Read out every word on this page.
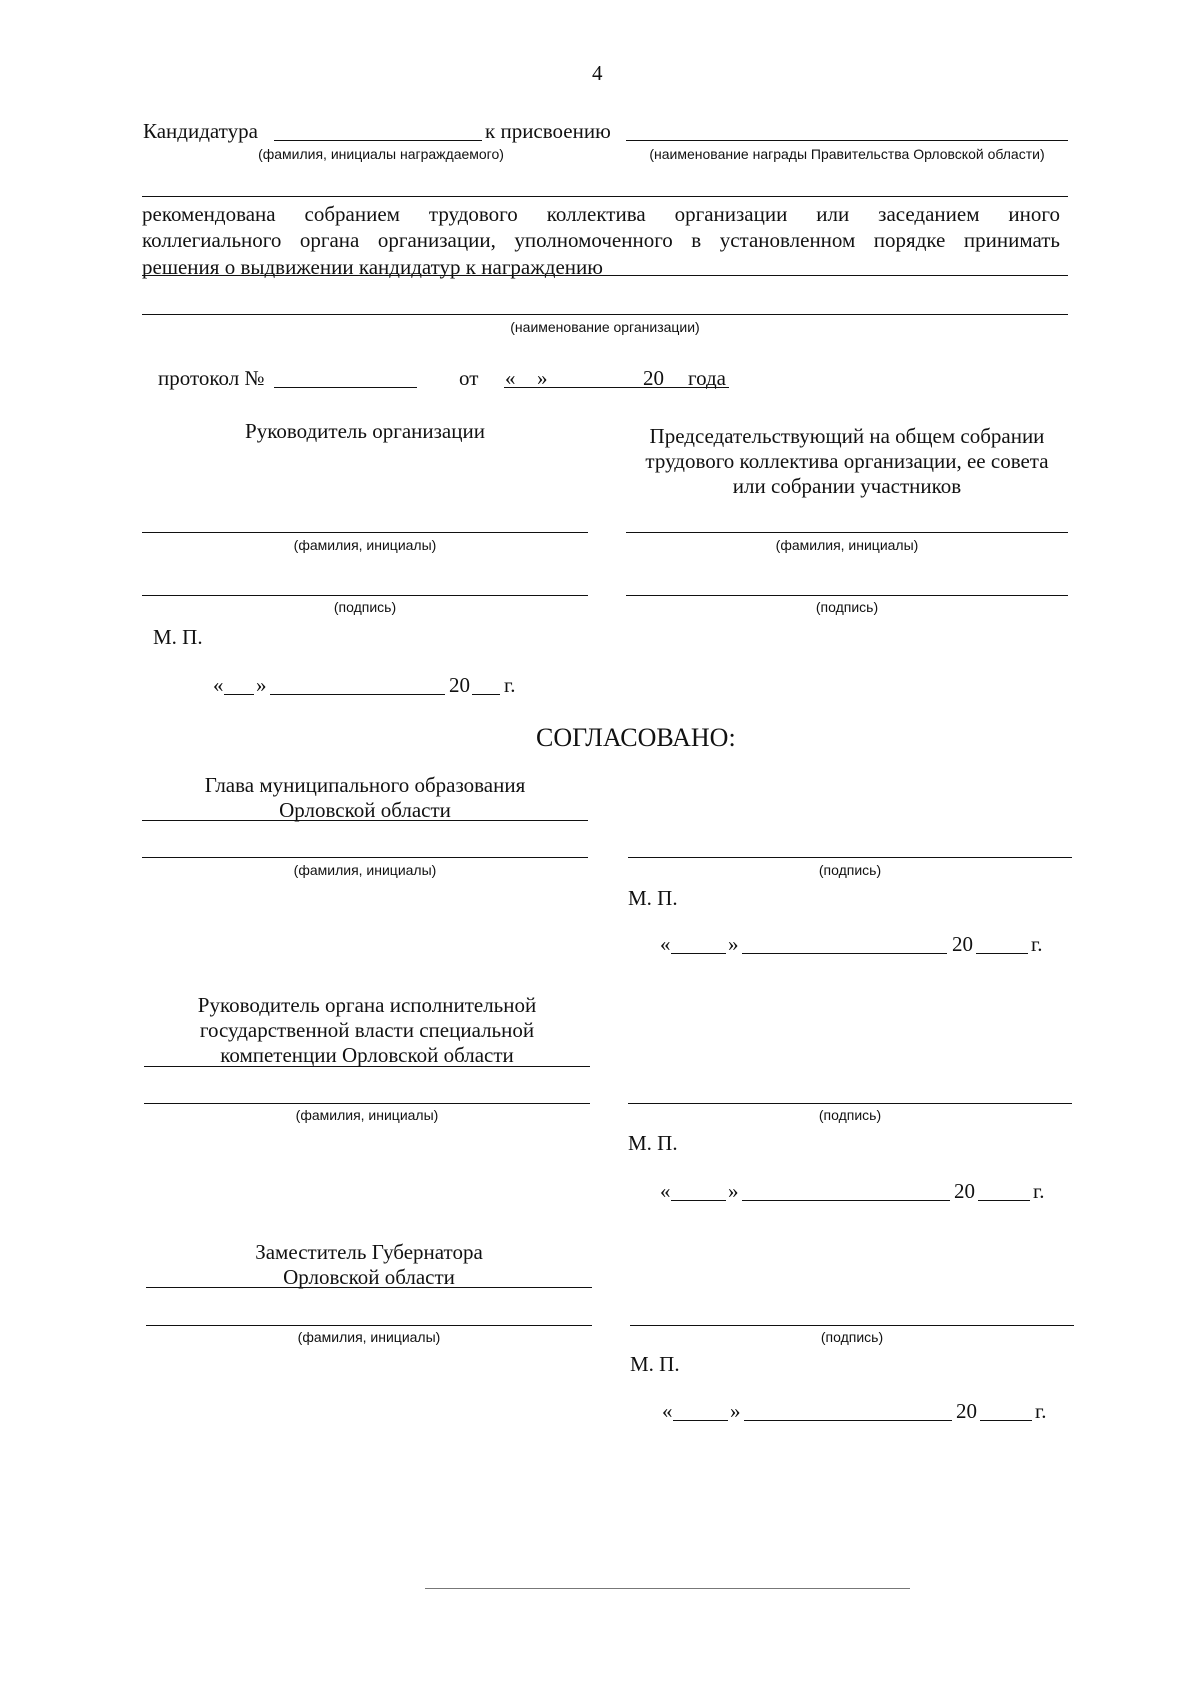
4
Кандидатура	к присвоению
(фамилия, инициалы награждаемого)	(наименование награды Правительства Орловской области)
рекомендована собранием трудового коллектива организации или заседанием иного
коллегиального органа организации, уполномоченного в установленном порядке принимать
решения о выдвижении кандидатур к награждению
(наименование организации)
протокол №	от « »	20 года
Руководитель организации	Председательствующий на общем собрании
трудового коллектива организации, ее совета
или собрании участников
(фамилия, инициалы)	(фамилия, инициалы)
(подпись)	(подпись)
М. П.
« »	20 г.
СОГЛАСОВАНО:
Глава муниципального образования
Орловской области
(фамилия, инициалы)	(подпись)
М. П.
«	»	20	г.
Руководитель органа исполнительной
государственной власти специальной
компетенции Орловской области
(фамилия, инициалы)	(подпись)
М. П.
«	»	20	г.
Заместитель Губернатора
Орловской области
(фамилия, инициалы)	(подпись)
М. П.
«	»	20	г.
